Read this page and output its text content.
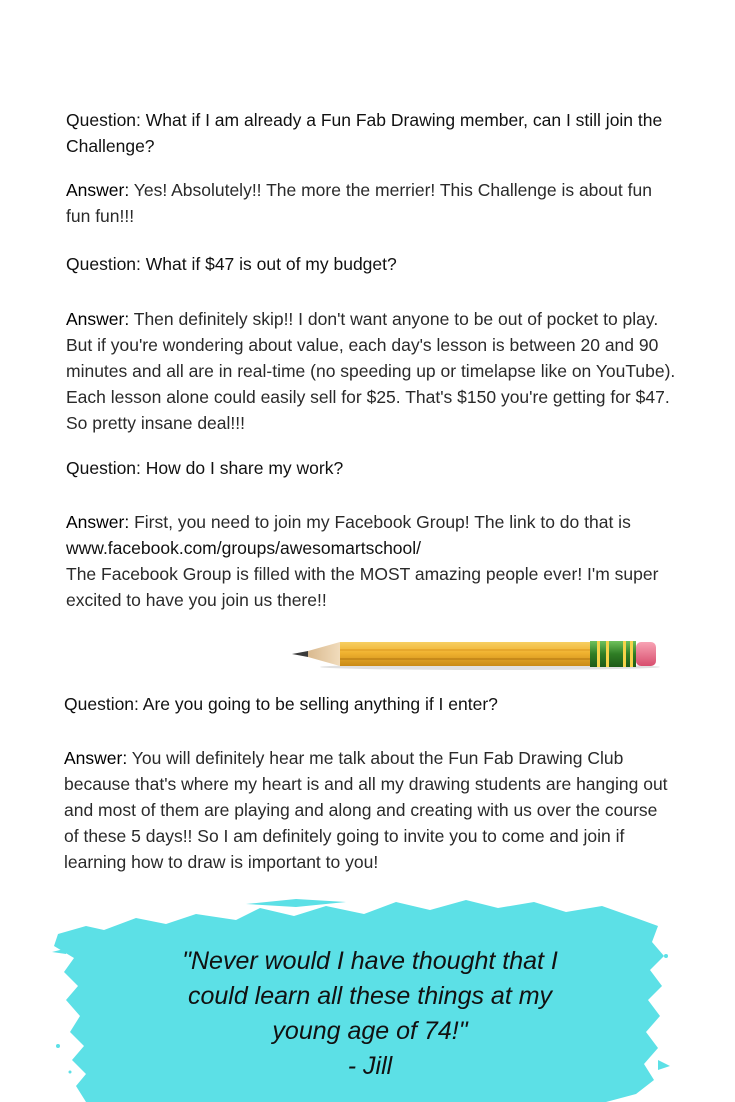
Question: What if I am already a Fun Fab Drawing member, can I still join the Challenge?
Answer: Yes! Absolutely!! The more the merrier! This Challenge is about fun fun fun!!!
Question: What if $47 is out of my budget?
Answer: Then definitely skip!! I don't want anyone to be out of pocket to play. But if you're wondering about value, each day's lesson is between 20 and 90 minutes and all are in real-time (no speeding up or timelapse like on YouTube). Each lesson alone could easily sell for $25. That's $150 you're getting for $47. So pretty insane deal!!!
Question: How do I share my work?
Answer: First, you need to join my Facebook Group! The link to do that is www.facebook.com/groups/awesomartschool/
The Facebook Group is filled with the MOST amazing people ever! I'm super excited to have you join us there!!
Question: Are you going to be selling anything if I enter?
Answer: You will definitely hear me talk about the Fun Fab Drawing Club because that's where my heart is and all my drawing students are hanging out and most of them are playing and along and creating with us over the course of these 5 days!! So I am definitely going to invite you to come and join if learning how to draw is important to you!
"Never would I have thought that I
could learn all these things at my
young age of 74!"
- Jill
